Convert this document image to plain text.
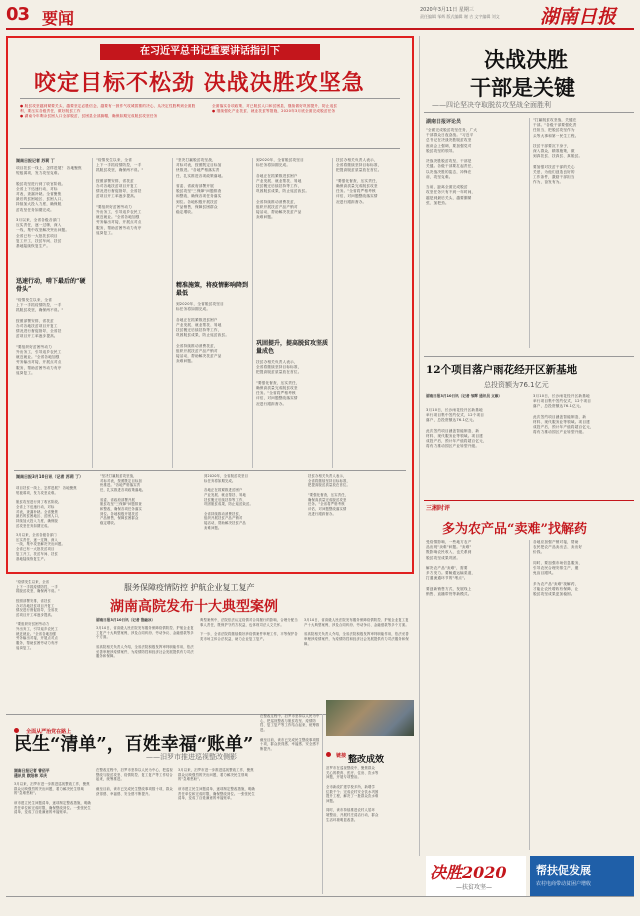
03 要闻	2020年3月11日 星期三
责任编辑 邹辉 版式编辑 谢 吉 文字编辑 刘文 湖南日报
在习近平总书记重要讲话指引下
咬定目标不松劲 决战决胜攻坚急
● 脱贫攻坚越到紧要关头，越要坚定必胜信念，越要有一鼓作气攻城拔寨的决心，从决定性胜利到全面胜利，要压实各级责任，做好脱贫工作
● 湖南今年剩余贫困人口全部脱贫，贫困县全部摘帽，确保如期完成脱贫攻坚任务
全面落实各项政策，对已脱贫人口和贫困县，继续做好巩固提升，防止返贫
● 继续强化产业扶贫、就业扶贫等措施，2020年3月底全面完成脱贫任务
湖南日报记者 苏莉 丁
项目扶贫一线上，怎样进展？ 各地聚焦
短板弱项，发力攻坚克难。

脱贫攻坚进行到了收官阶段。
全省上下迅速行动，对标
对表，查漏补缺。全省聚焦
最后的贫困地区、贫困人口，
持续加大投入力度，确保脱
贫攻坚任务如期完成。

3月以来，全省各级各部门
压实责任，逐一过筛，深入
一线，集中攻坚解决突出问题。
全省已有一大批扶贫项目
复工开工，扶贫车间、扶贫
基地陆续恢复生产。
迅速行动，啃下最后的“硬骨头”
"疫情发生以来，全省
上下一手抓疫情防控，一手
抓脱贫攻坚，确保两不误。"

按照部署安排，省扶贫
办对各地扶贫项目开复工
情况进行督促指导，全省扶
贫项目开工率逐步提高。

"要组织好贫困劳动力
外出务工，引导返乡农民工
就近就业。"全省各地加强
劳务输出对接，开展点对点
服务，帮助贫困劳动力有序
返岗复工。
"疫情发生以来，全省
上下一手抓疫情防控，一手
抓脱贫攻坚，确保两不误。"

按照部署安排，省扶贫
办对各地扶贫项目开复工
情况进行督促指导，全省扶
贫项目开工率逐步提高。

"要组织好贫困劳动力
外出务工，引导返乡农民工
就近就业。"全省各地加强
劳务输出对接，开展点对点
服务，帮助贫困劳动力有序
返岗复工。
"坚决打赢脱贫攻坚战，
对标对表，按照既定目标加
快推进。"各地严格落实责
任，扎实推进各项政策落地。

省委、省政府部署开展
脱贫攻坚"三保障"问题排查
和整改，确保各项任务落实
到位。各地积极开展扶贫
产品销售，保障贫困群众
稳定增收。
精准施策，将疫情影响降到最低
到2020年，全省脱贫攻坚目
标任务将如期完成。

各地正在抓紧推进贫困户
产业发展、就业帮扶、易地
扶贫搬迁后续扶持等工作，
巩固脱贫成果，防止返贫致贫。

全省持续推动消费扶贫，
组织开展扶贫产品产销对
接活动，帮助解决扶贫产品
卖难问题。
到2020年，全省脱贫攻坚目
标任务将如期完成。

各地正在抓紧推进贫困户
产业发展、就业帮扶、易地
扶贫搬迁后续扶持等工作，
巩固脱贫成果，防止返贫致贫。

全省持续推动消费扶贫，
组织开展扶贫产品产销对
接活动，帮助解决扶贫产品
卖难问题。
巩固提升，提高脱贫攻坚质量成色
扶贫办相关负责人表示，
全省将继续坚持目标标准，
把提高脱贫质量放在首位。

"要强化督查，压实责任，
确保高质量完成脱贫攻坚
任务。"全省将严格考核
评估，对问题整改落实情
况进行跟踪督办。
扶贫办相关负责人表示，
全省将继续坚持目标标准，
把提高脱贫质量放在首位。

"要强化督查，压实责任，
确保高质量完成脱贫攻坚
任务。"全省将严格考核
评估，对问题整改落实情
况进行跟踪督办。
湖南日报3月10日讯（记者 苏莉 丁）
项目扶贫一线上，怎样进展？ 各地聚焦
短板弱项，发力攻坚克难。

脱贫攻坚进行到了收官阶段。
全省上下迅速行动，对标
对表，查漏补缺。全省聚焦
最后的贫困地区、贫困人口，
持续加大投入力度，确保脱
贫攻坚任务如期完成。

3月以来，全省各级各部门
压实责任，逐一过筛，深入
一线，集中攻坚解决突出问题。
全省已有一大批扶贫项目
复工开工，扶贫车间、扶贫
基地陆续恢复生产。
"坚决打赢脱贫攻坚战，
对标对表，按照既定目标加
快推进。"各地严格落实责
任，扎实推进各项政策落地。

省委、省政府部署开展
脱贫攻坚"三保障"问题排查
和整改，确保各项任务落实
到位。各地积极开展扶贫
产品销售，保障贫困群众
稳定增收。
到2020年，全省脱贫攻坚目
标任务将如期完成。

各地正在抓紧推进贫困户
产业发展、就业帮扶、易地
扶贫搬迁后续扶持等工作，
巩固脱贫成果，防止返贫致贫。

全省持续推动消费扶贫，
组织开展扶贫产品产销对
接活动，帮助解决扶贫产品
卖难问题。
扶贫办相关负责人表示，
全省将继续坚持目标标准，
把提高脱贫质量放在首位。

"要强化督查，压实责任，
确保高质量完成脱贫攻坚
任务。"全省将严格考核
评估，对问题整改落实情
况进行跟踪督办。
决战决胜
干部是关键
——四论坚决夺取脱贫攻坚战全面胜利
湖南日报评论员
"全面完成脱贫攻坚任务，广大
干部群众日夜奋战。"习近平
总书记在决战决胜脱贫攻坚
座谈会上强调，要加强党对
脱贫攻坚的领导。

决战决胜脱贫攻坚，干部是
关键。各级干部要扛起责任，
以决战决胜的姿态，冲锋在
前，攻坚克难。

当前，距离全面完成脱贫
攻坚任务只有不到一年时间，
越是到最后关头，越要绷紧
弦、加把劲。
"打赢脱贫攻坚战，关键在
干部。"各级干部要强化责
任担当，把脱贫攻坚作为
头等大事和第一民生工程。

扶贫干部要沉下身子，
深入群众，精准施策，做
到真扶贫、扶真贫、真脱贫。

要加强对扶贫干部的关心
关爱，为他们创造良好的
工作条件，激励干部担当
作为，奋发有为。
12个项目落户雨花经开区新基地
总投资额为76.1亿元
湖南日报3月10日讯（记者 邹辉 通讯员 文雄）
3月10日，长沙雨花经开区新基地
举行项目集中签约仪式，12个项目
落户，总投资额达76.1亿元。

此次签约项目涵盖智能制造、新
材料、现代服务业等领域。项目建
成投产后，预计年产值将超百亿元，
将有力推动园区产业转型升级。
3月10日，长沙雨花经开区新基地
举行项目集中签约仪式，12个项目
落户，总投资额达76.1亿元。

此次签约项目涵盖智能制造、新
材料、现代服务业等领域。项目建
成投产后，预计年产值将超百亿元，
将有力推动园区产业转型升级。
三湘时评
多为农产品“卖难”找解药
受疫情影响，一些地方农产
品出现"卖难"问题。"卖难"
既影响农民收入，也关系到
脱贫攻坚成果巩固。

解决农产品"卖难"，需要
多方发力。要畅通运输渠道，
打通流通环节的"堵点"。

要创新销售方式，发展线上
销售、直播带货等新模式。
各地应加强产销对接，帮助
农民把农产品卖出去、卖出好
价钱。

同时，要加强市场信息服务，
引导农民合理安排生产，避
免盲目跟风。

多为农产品"卖难"找解药，
才能让农民增收有保障，让
脱贫攻坚成果更加稳固。
服务保障疫情防控 护航企业复工复产
湖南高院发布十大典型案例
湖南日报3月10日讯（记者 鲁融冰）
3月10日，省高级人民法院发布服务保障疫情防控、护航企业复工复产十大典型案例，涉及合同纠纷、劳动争议、金融借款等多个方面。

省高院相关负责人介绍，全省法院积极发挥审判职能作用，依法妥善审理涉疫情案件，为疫情防控和经济社会发展提供有力司法服务和保障。
典型案例中，法院依法认定疫情对合同履行的影响，合理分配当事人责任，既保护守约方权益，也体现司法人文关怀。

下一步，全省法院将继续做好涉疫情案件审理工作，平等保护各类市场主体合法权益，助力企业复工复产。
3月10日，省高级人民法院发布服务保障疫情防控、护航企业复工复产十大典型案例，涉及合同纠纷、劳动争议、金融借款等多个方面。

省高院相关负责人介绍，全省法院积极发挥审判职能作用，依法妥善审理涉疫情案件，为疫情防控和经济社会发展提供有力司法服务和保障。
"疫情发生以来，全省
上下一手抓疫情防控，一手
抓脱贫攻坚，确保两不误。"

按照部署安排，省扶贫
办对各地扶贫项目开复工
情况进行督促指导，全省扶
贫项目开工率逐步提高。

"要组织好贫困劳动力
外出务工，引导返乡农民工
就近就业。"全省各地加强
劳务输出对接，开展点对点
服务，帮助贫困劳动力有序
返岗复工。
全面从严治党在路上
民生“清单”，百姓幸福“账单”
——汨罗市推进巡视整改侧影
湖南日报记者 曾佰平
通讯员 欧阳林 邓庆
3月以来，汨罗市进一步推进巡视整改工作，聚焦群众反映强烈的突出问题，着力解决民生领域的"急难愁盼"。

该市建立民生问题清单，逐项制定整改措施，明确责任单位和完成时限，确保整改到位。一张张民生清单，变成了百姓满意的幸福账单。
在整改过程中，汨罗市坚持以人民为中心，把巡视整改与脱贫攻坚、疫情防控、复工复产等工作结合起来，统筹推进。

截至目前，该市已完成民生整改事项数十项，群众获得感、幸福感、安全感不断提升。
3月以来，汨罗市进一步推进巡视整改工作，聚焦群众反映强烈的突出问题，着力解决民生领域的"急难愁盼"。

该市建立民生问题清单，逐项制定整改措施，明确责任单位和完成时限，确保整改到位。一张张民生清单，变成了百姓满意的幸福账单。
在整改过程中，汨罗市坚持以人民为中心，把巡视整改与脱贫攻坚、疫情防控、复工复产等工作结合起来，统筹推进。

截至目前，该市已完成民生整改事项数十项，群众获得感、幸福感、安全感不断提升。
链接 整改成效
汨罗市在巡视整改中，聚焦群众
关心的教育、医疗、住房、饮水等
问题，开展专项整治。

全市新改扩建学校多所，新增学
位数千个；完成农村安全饮水巩固
提升工程，解决了一批群众饮水难
问题。

同时，该市持续推进农村人居环
境整治，开展村庄清洁行动，群众
生活环境明显改善。
决胜2020
—扶贫攻坚—
帮扶促发展
农村电商带动贫困户增收
